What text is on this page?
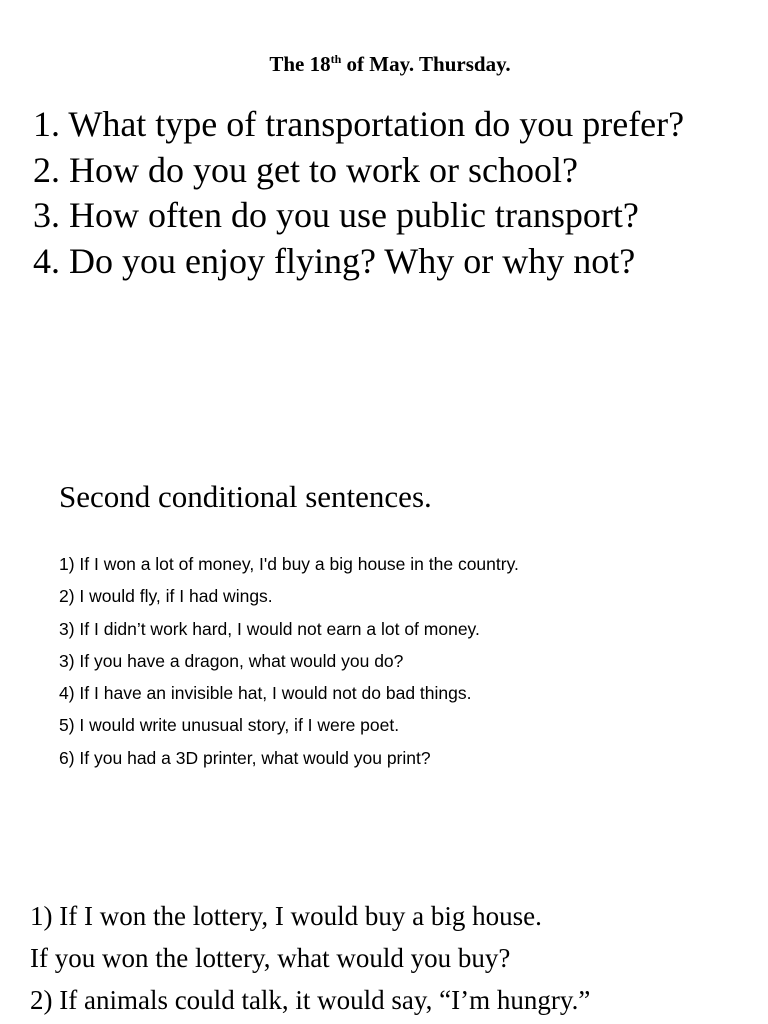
The 18th of May. Thursday.
1. What type of transportation do you prefer?
2. How do you get to work or school?
3. How often do you use public transport?
4. Do you enjoy flying? Why or why not?
Second conditional sentences.
1) If I won a lot of money, I'd buy a big house in the country.
2) I would fly, if I had wings.
3) If I didn’t work hard, I would not earn a lot of money.
3) If you have a dragon, what would you do?
4) If I have an invisible hat, I would not do bad things.
5) I would write unusual story, if I were poet.
6) If you had a 3D printer, what would you print?
1) If I won the lottery, I would buy a big house.
If you won the lottery, what would you buy?
2) If animals could talk, it would say, “I’m hungry.”
